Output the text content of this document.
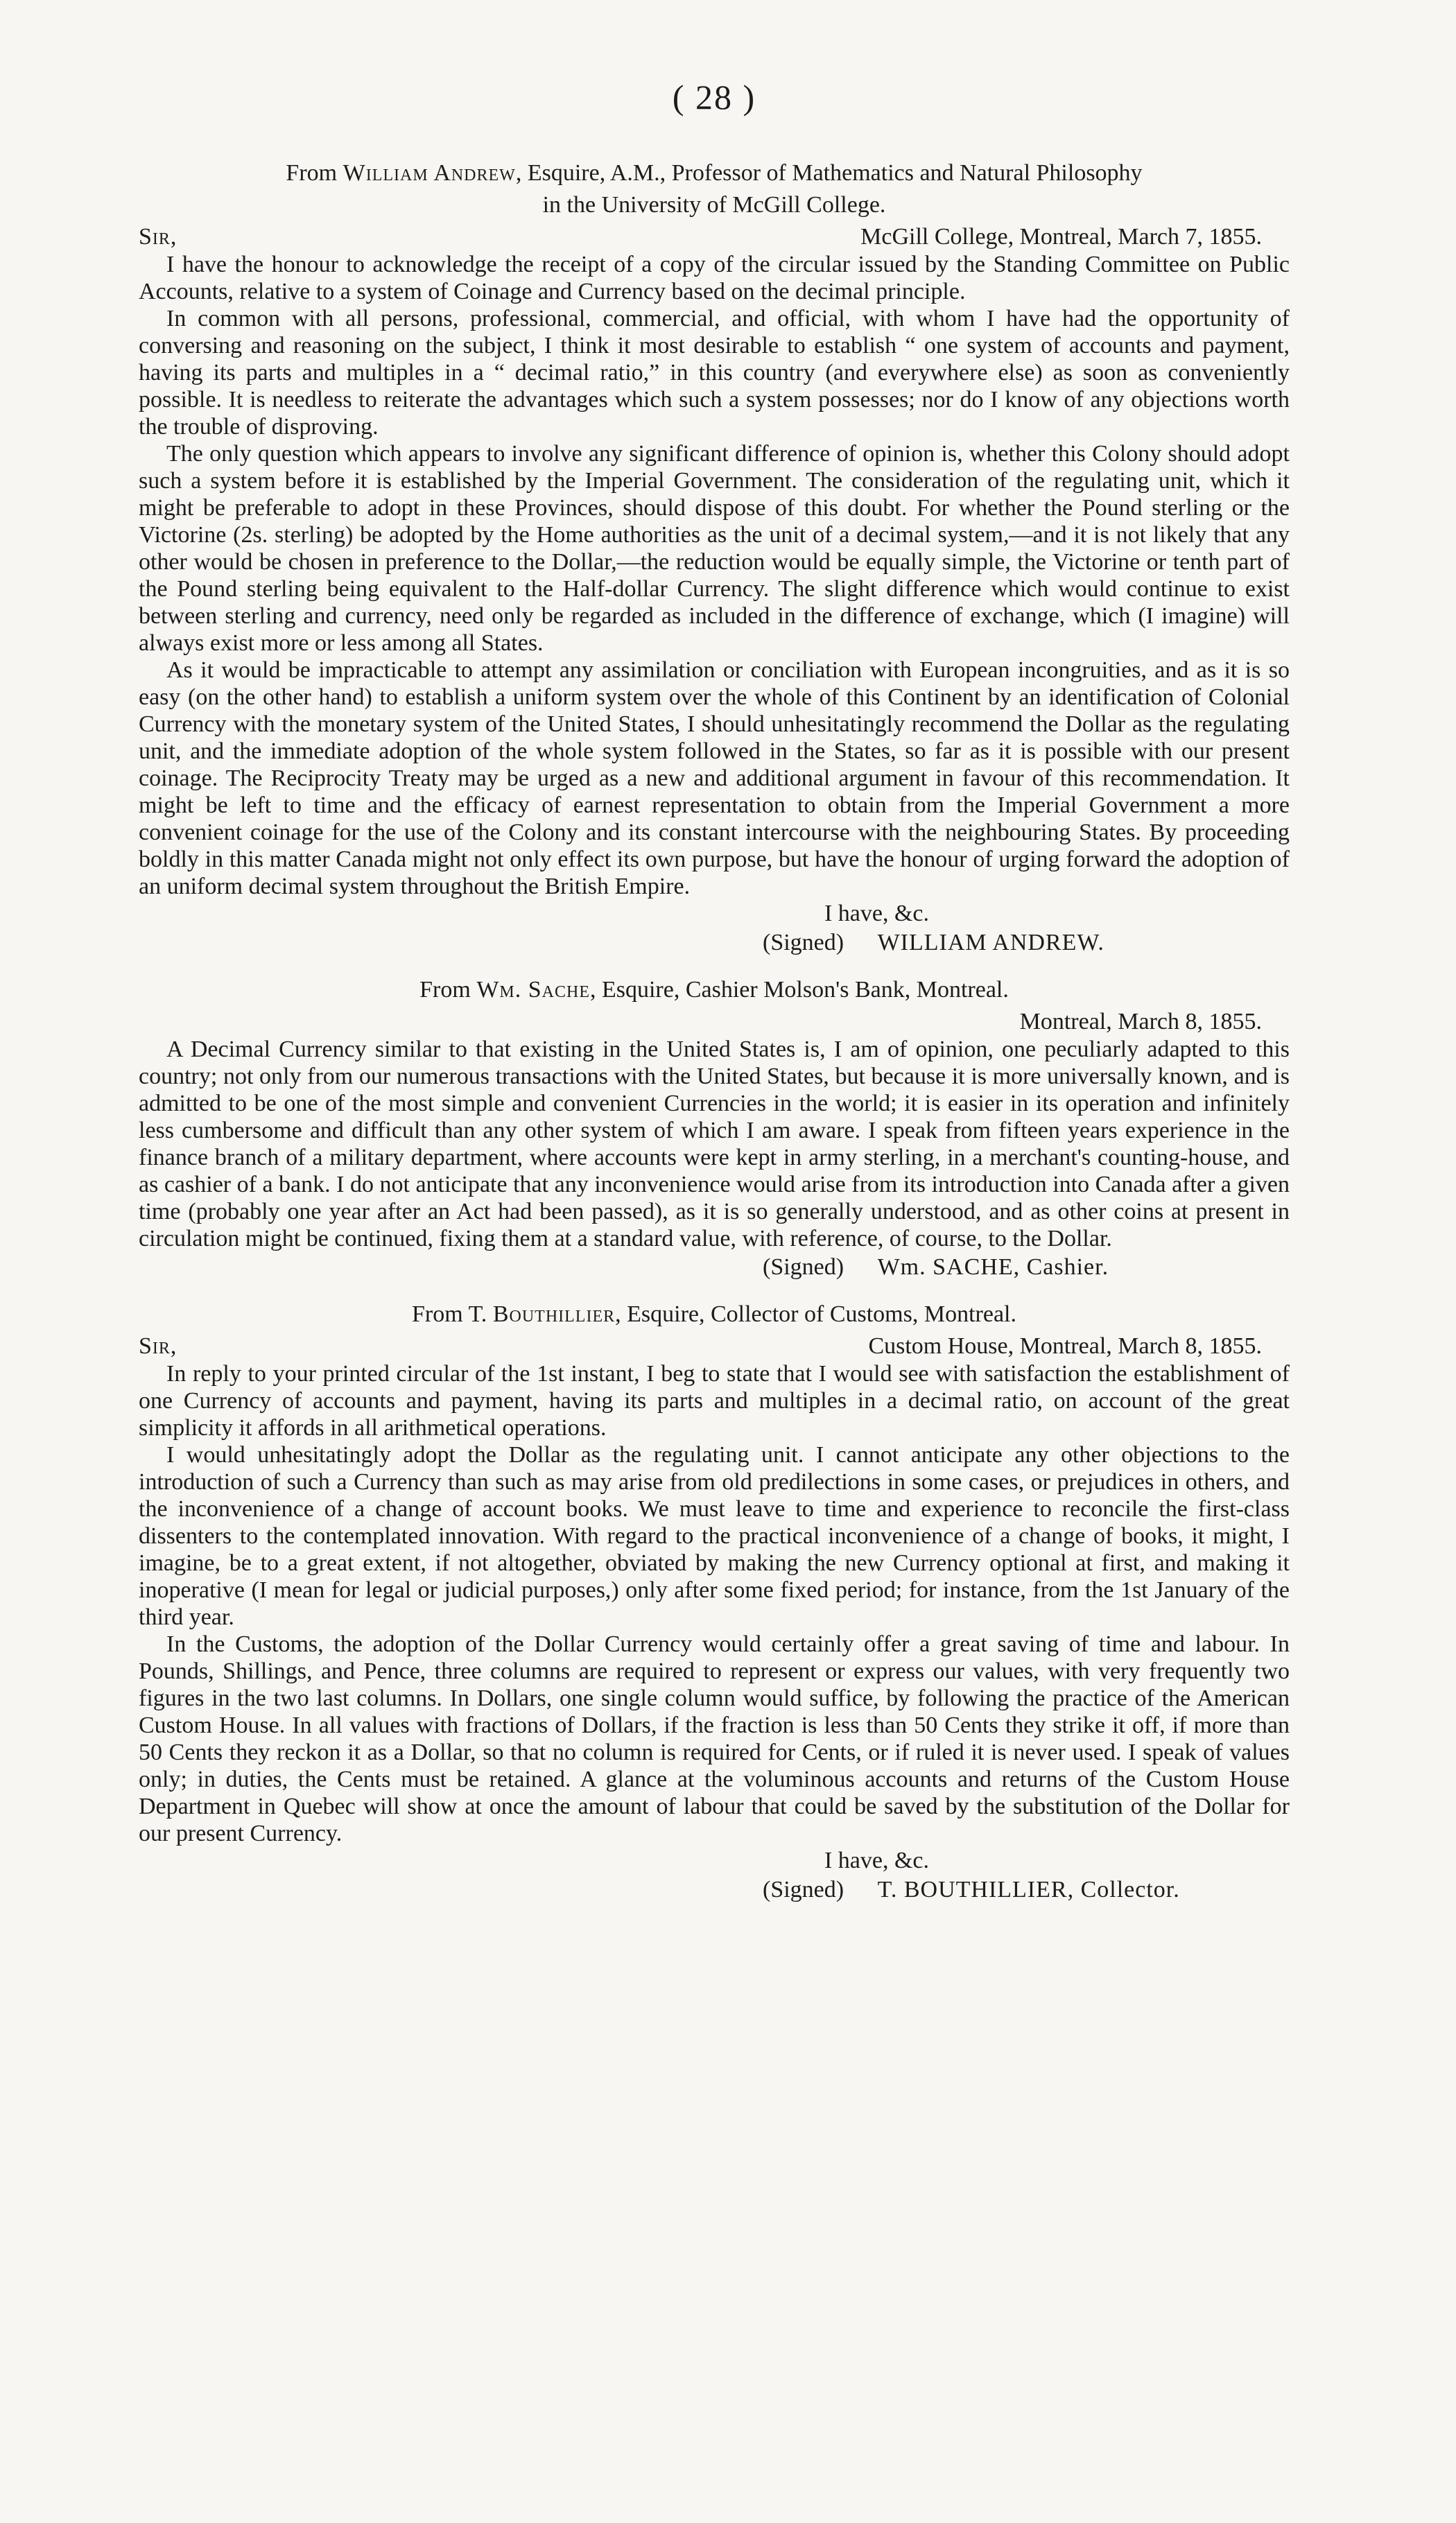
( 28 )
From William Andrew, Esquire, A.M., Professor of Mathematics and Natural Philosophy
in the University of McGill College.
Sir,	McGill College, Montreal, March 7, 1855.

I have the honour to acknowledge the receipt of a copy of the circular issued by the Standing Committee on Public Accounts, relative to a system of Coinage and Currency based on the decimal principle.

In common with all persons, professional, commercial, and official, with whom I have had the opportunity of conversing and reasoning on the subject, I think it most desirable to establish “ one system of accounts and payment, having its parts and multiples in a “ decimal ratio,” in this country (and everywhere else) as soon as conveniently possible. It is needless to reiterate the advantages which such a system possesses; nor do I know of any objections worth the trouble of disproving.

The only question which appears to involve any significant difference of opinion is, whether this Colony should adopt such a system before it is established by the Imperial Government. The consideration of the regulating unit, which it might be preferable to adopt in these Provinces, should dispose of this doubt. For whether the Pound sterling or the Victorine (2s. sterling) be adopted by the Home authorities as the unit of a decimal system,—and it is not likely that any other would be chosen in preference to the Dollar,—the reduction would be equally simple, the Victorine or tenth part of the Pound sterling being equivalent to the Half-dollar Currency. The slight difference which would continue to exist between sterling and currency, need only be regarded as included in the difference of exchange, which (I imagine) will always exist more or less among all States.

As it would be impracticable to attempt any assimilation or conciliation with European incongruities, and as it is so easy (on the other hand) to establish a uniform system over the whole of this Continent by an identification of Colonial Currency with the monetary system of the United States, I should unhesitatingly recommend the Dollar as the regulating unit, and the immediate adoption of the whole system followed in the States, so far as it is possible with our present coinage. The Reciprocity Treaty may be urged as a new and additional argument in favour of this recommendation. It might be left to time and the efficacy of earnest representation to obtain from the Imperial Government a more convenient coinage for the use of the Colony and its constant intercourse with the neighbouring States. By proceeding boldly in this matter Canada might not only effect its own purpose, but have the honour of urging forward the adoption of an uniform decimal system throughout the British Empire.

I have, &c.
(Signed) WILLIAM ANDREW.
From Wm. Sache, Esquire, Cashier Molson's Bank, Montreal.
Montreal, March 8, 1855.

A Decimal Currency similar to that existing in the United States is, I am of opinion, one peculiarly adapted to this country; not only from our numerous transactions with the United States, but because it is more universally known, and is admitted to be one of the most simple and convenient Currencies in the world; it is easier in its operation and infinitely less cumbersome and difficult than any other system of which I am aware. I speak from fifteen years experience in the finance branch of a military department, where accounts were kept in army sterling, in a merchant's counting-house, and as cashier of a bank. I do not anticipate that any inconvenience would arise from its introduction into Canada after a given time (probably one year after an Act had been passed), as it is so generally understood, and as other coins at present in circulation might be continued, fixing them at a standard value, with reference, of course, to the Dollar.

(Signed) Wm. SACHE, Cashier.
From T. Bouthillier, Esquire, Collector of Customs, Montreal.
Sir,	Custom House, Montreal, March 8, 1855.

In reply to your printed circular of the 1st instant, I beg to state that I would see with satisfaction the establishment of one Currency of accounts and payment, having its parts and multiples in a decimal ratio, on account of the great simplicity it affords in all arithmetical operations.

I would unhesitatingly adopt the Dollar as the regulating unit. I cannot anticipate any other objections to the introduction of such a Currency than such as may arise from old predilections in some cases, or prejudices in others, and the inconvenience of a change of account books. We must leave to time and experience to reconcile the first-class dissenters to the contemplated innovation. With regard to the practical inconvenience of a change of books, it might, I imagine, be to a great extent, if not altogether, obviated by making the new Currency optional at first, and making it inoperative (I mean for legal or judicial purposes,) only after some fixed period; for instance, from the 1st January of the third year.

In the Customs, the adoption of the Dollar Currency would certainly offer a great saving of time and labour. In Pounds, Shillings, and Pence, three columns are required to represent or express our values, with very frequently two figures in the two last columns. In Dollars, one single column would suffice, by following the practice of the American Custom House. In all values with fractions of Dollars, if the fraction is less than 50 Cents they strike it off, if more than 50 Cents they reckon it as a Dollar, so that no column is required for Cents, or if ruled it is never used. I speak of values only; in duties, the Cents must be retained. A glance at the voluminous accounts and returns of the Custom House Department in Quebec will show at once the amount of labour that could be saved by the substitution of the Dollar for our present Currency.

I have, &c.
(Signed) T. BOUTHILLIER, Collector.
